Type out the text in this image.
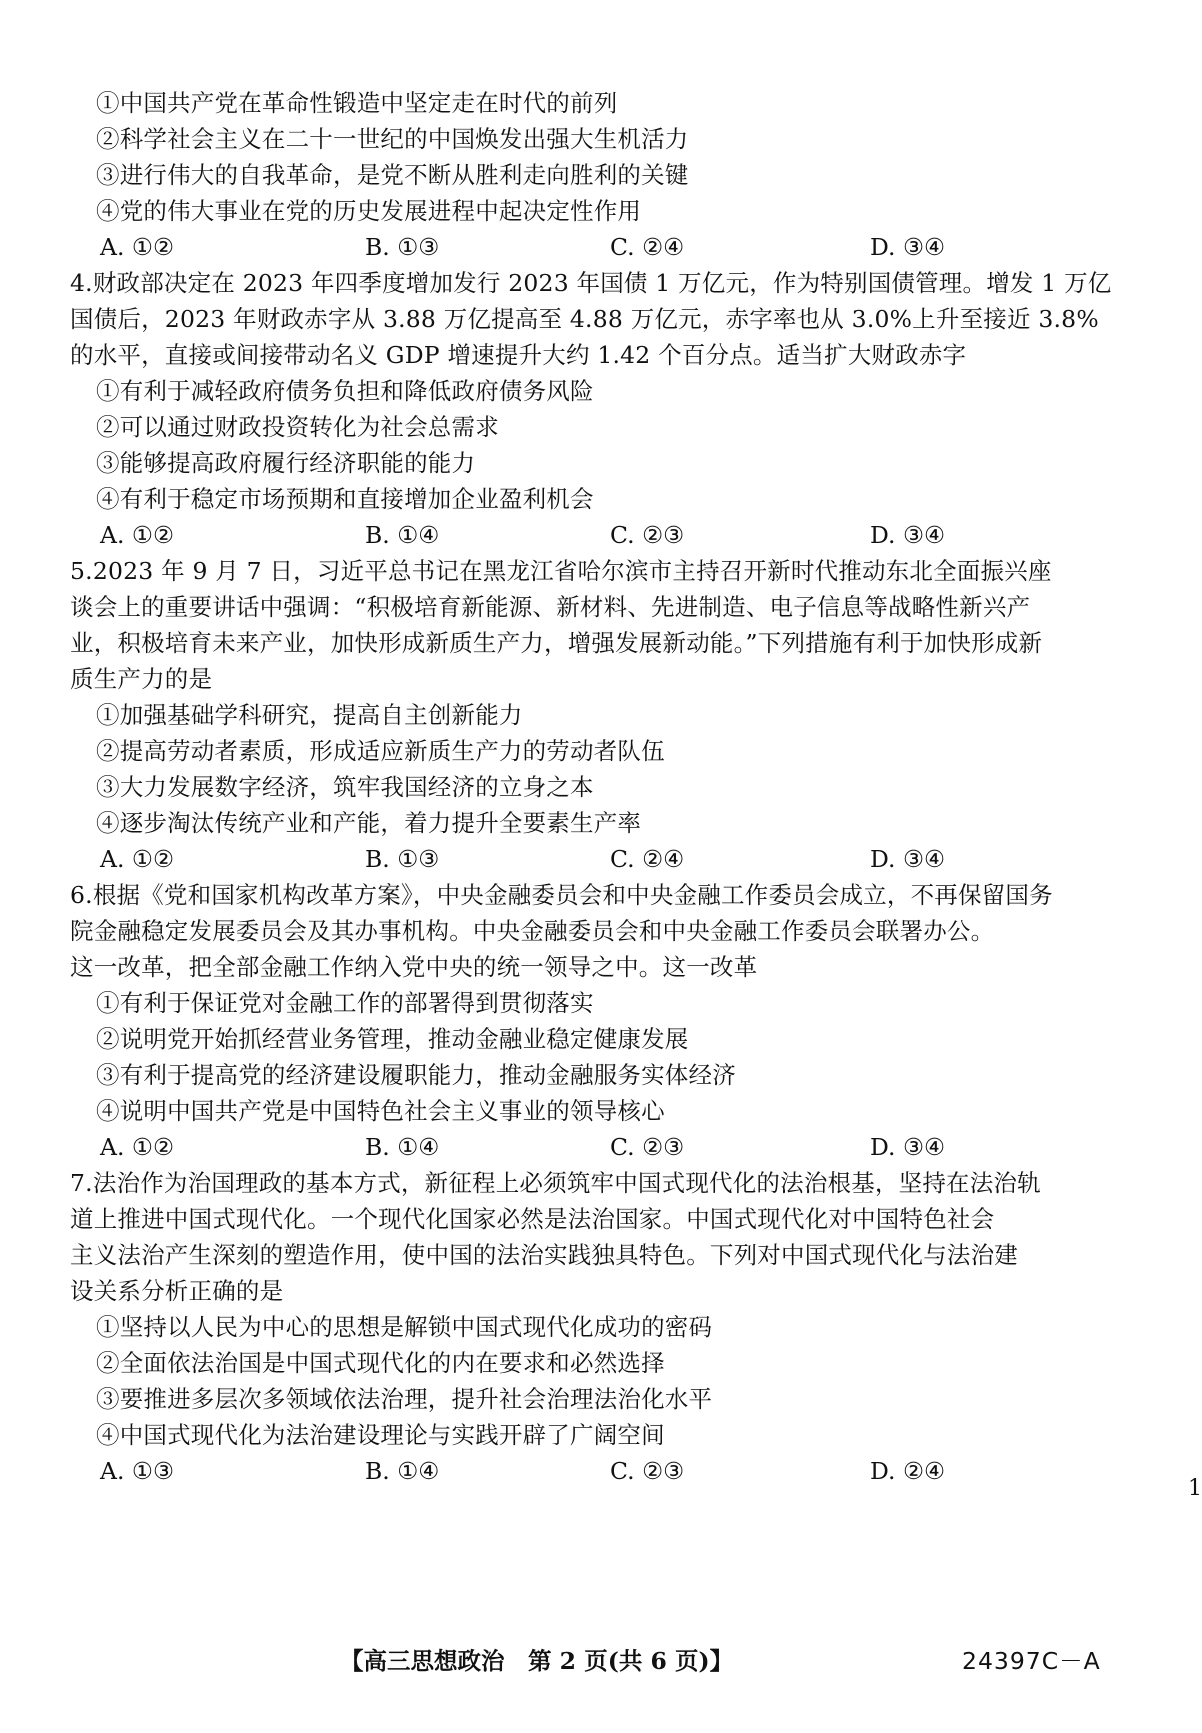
①中国共产党在革命性锻造中坚定走在时代的前列
②科学社会主义在二十一世纪的中国焕发出强大生机活力
③进行伟大的自我革命，是党不断从胜利走向胜利的关键
④党的伟大事业在党的历史发展进程中起决定性作用
A. ①②	B. ①③	C. ②④	D. ③④
4.财政部决定在 2023 年四季度增加发行 2023 年国债 1 万亿元，作为特别国债管理。增发 1 万亿
国债后，2023 年财政赤字从 3.88 万亿提高至 4.88 万亿元，赤字率也从 3.0%上升至接近 3.8%
的水平，直接或间接带动名义 GDP 增速提升大约 1.42 个百分点。适当扩大财政赤字
①有利于减轻政府债务负担和降低政府债务风险
②可以通过财政投资转化为社会总需求
③能够提高政府履行经济职能的能力
④有利于稳定市场预期和直接增加企业盈利机会
A. ①②	B. ①④	C. ②③	D. ③④
5.2023 年 9 月 7 日，习近平总书记在黑龙江省哈尔滨市主持召开新时代推动东北全面振兴座
谈会上的重要讲话中强调：“积极培育新能源、新材料、先进制造、电子信息等战略性新兴产
业，积极培育未来产业，加快形成新质生产力，增强发展新动能。”下列措施有利于加快形成新
质生产力的是
①加强基础学科研究，提高自主创新能力
②提高劳动者素质，形成适应新质生产力的劳动者队伍
③大力发展数字经济，筑牢我国经济的立身之本
④逐步淘汰传统产业和产能，着力提升全要素生产率
A. ①②	B. ①③	C. ②④	D. ③④
6.根据《党和国家机构改革方案》，中央金融委员会和中央金融工作委员会成立，不再保留国务
院金融稳定发展委员会及其办事机构。中央金融委员会和中央金融工作委员会联署办公。
这一改革，把全部金融工作纳入党中央的统一领导之中。这一改革
①有利于保证党对金融工作的部署得到贯彻落实
②说明党开始抓经营业务管理，推动金融业稳定健康发展
③有利于提高党的经济建设履职能力，推动金融服务实体经济
④说明中国共产党是中国特色社会主义事业的领导核心
A. ①②	B. ①④	C. ②③	D. ③④
7.法治作为治国理政的基本方式，新征程上必须筑牢中国式现代化的法治根基，坚持在法治轨
道上推进中国式现代化。一个现代化国家必然是法治国家。中国式现代化对中国特色社会
主义法治产生深刻的塑造作用，使中国的法治实践独具特色。下列对中国式现代化与法治建
设关系分析正确的是
①坚持以人民为中心的思想是解锁中国式现代化成功的密码
②全面依法治国是中国式现代化的内在要求和必然选择
③要推进多层次多领域依法治理，提升社会治理法治化水平
④中国式现代化为法治建设理论与实践开辟了广阔空间
A. ①③	B. ①④	C. ②③	D. ②④
1
【高三思想政治　第 2 页(共 6 页)】	24397C－A
